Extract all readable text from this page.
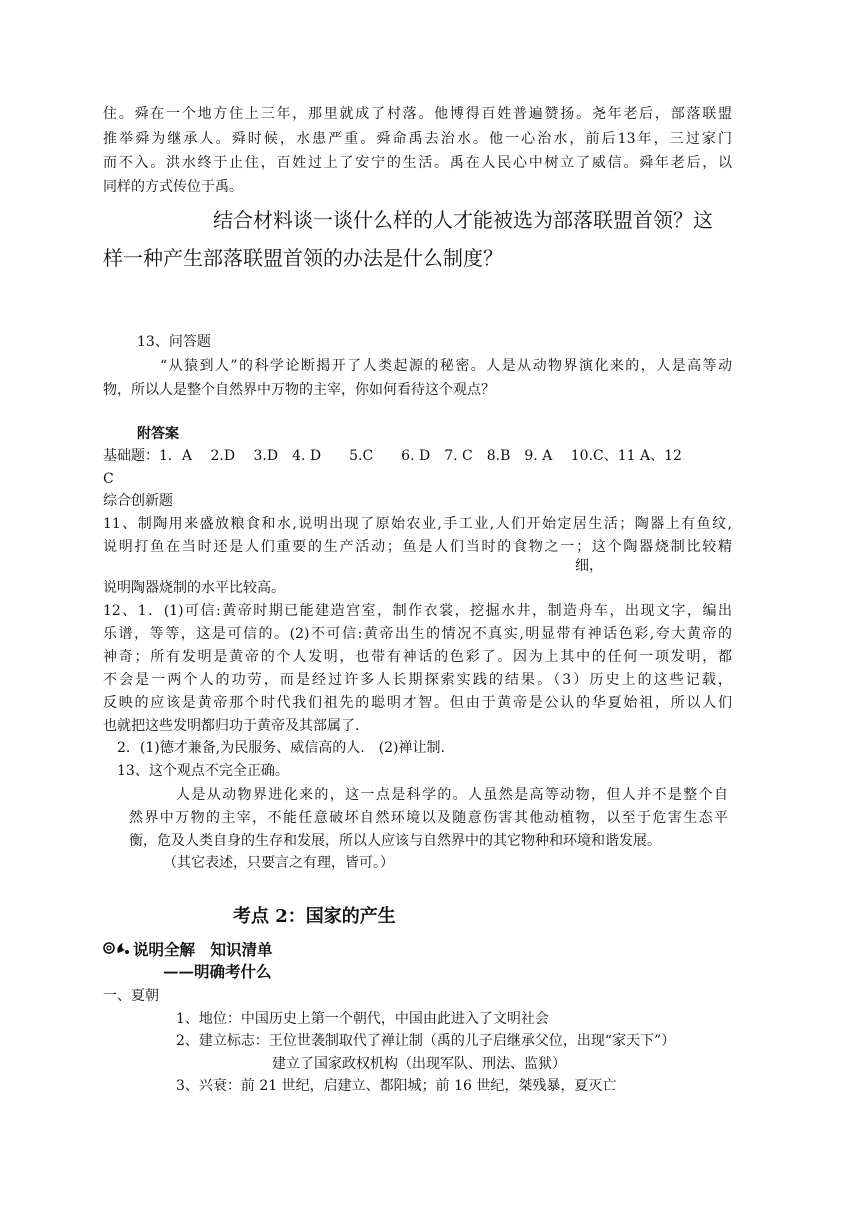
住。舜在一个地方住上三年，那里就成了村落。他博得百姓普遍赞扬。尧年老后，部落联盟
推举舜为继承人。舜时候，水患严重。舜命禹去治水。他一心治水，前后13年，三过家门
而不入。洪水终于止住，百姓过上了安宁的生活。禹在人民心中树立了威信。舜年老后，以
同样的方式传位于禹。
结合材料谈一谈什么样的人才能被选为部落联盟首领？这
样一种产生部落联盟首领的办法是什么制度？
13、问答题
“从猿到人”的科学论断揭开了人类起源的秘密。人是从动物界演化来的，人是高等动
物，所以人是整个自然界中万物的主宰，你如何看待这个观点？
附答案
基础题：1．A　 2.D　 3.D　4. D　　5.C　　6. D　7. C　8.B　9. A　 10.C、11 A、12
C
综合创新题
11、制陶用来盛放粮食和水,说明出现了原始农业,手工业,人们开始定居生活；陶器上有鱼纹,
说明打鱼在当时还是人们重要的生产活动；鱼是人们当时的食物之一；这个陶器烧制比较精
细，
说明陶器烧制的水平比较高。
12、1．(1)可信:黄帝时期已能建造宫室，制作衣裳，挖掘水井，制造舟车，出现文字，编出
乐谱，等等，这是可信的。(2)不可信:黄帝出生的情况不真实,明显带有神话色彩,夸大黄帝的
神奇；所有发明是黄帝的个人发明，也带有神话的色彩了。因为上其中的任何一项发明，都
不会是一两个人的功劳，而是经过许多人长期探索实践的结果。（3）历史上的这些记载，
反映的应该是黄帝那个时代我们祖先的聪明才智。但由于黄帝是公认的华夏始祖，所以人们
也就把这些发明都归功于黄帝及其部属了.
2．(1)德才兼备,为民服务、威信高的人.　(2)禅让制.
13、这个观点不完全正确。
人是从动物界进化来的，这一点是科学的。人虽然是高等动物，但人并不是整个自
然界中万物的主宰，不能任意破坏自然环境以及随意伤害其他动植物，以至于危害生态平
衡，危及人类自身的生存和发展，所以人应该与自然界中的其它物种和环境和谐发展。
（其它表述，只要言之有理，皆可。）
考点 2：国家的产生
说明全解　知识清单
——明确考什么
一、夏朝
1、地位：中国历史上第一个朝代，中国由此进入了文明社会
2、建立标志：王位世袭制取代了禅让制（禹的儿子启继承父位，出现“家天下”）
建立了国家政权机构（出现军队、刑法、监狱）
3、兴衰：前 21 世纪，启建立、都阳城；前 16 世纪，桀残暴，夏灭亡
